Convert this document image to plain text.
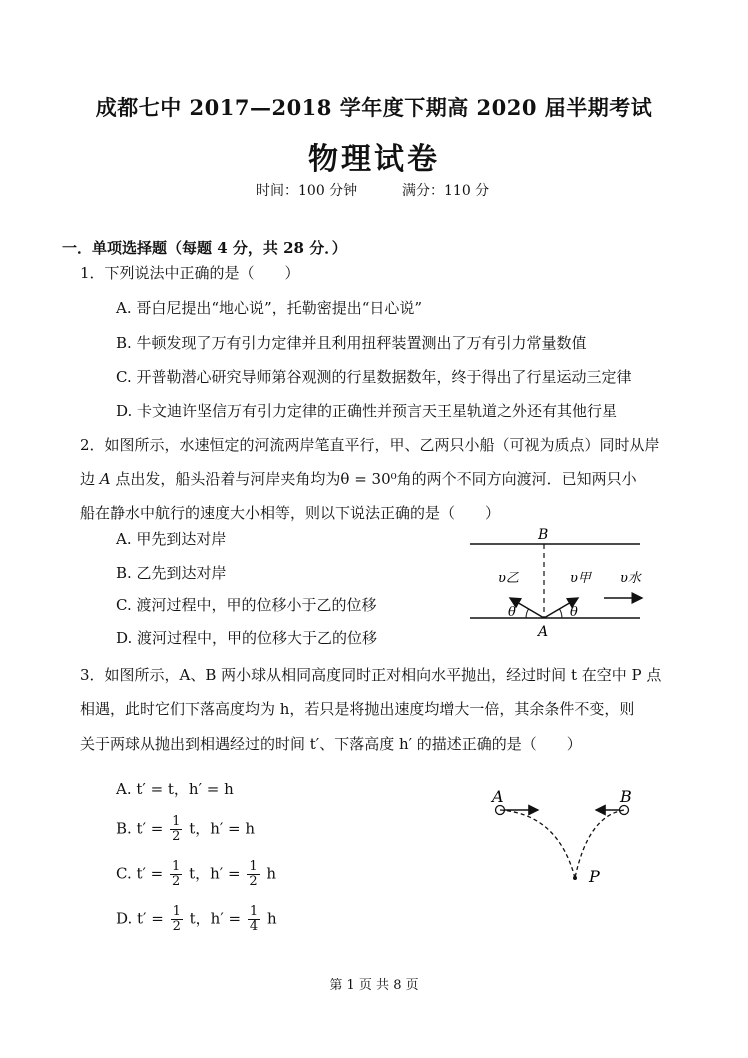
成都七中 2017—2018 学年度下期高 2020 届半期考试
物理试卷
时间：100 分钟	满分：110 分
一．单项选择题（每题 4 分，共 28 分．）
1．下列说法中正确的是（　　）
A. 哥白尼提出“地心说”，托勒密提出“日心说”
B. 牛顿发现了万有引力定律并且利用扭秤装置测出了万有引力常量数值
C. 开普勒潜心研究导师第谷观测的行星数据数年，终于得出了行星运动三定律
D. 卡文迪许坚信万有引力定律的正确性并预言天王星轨道之外还有其他行星
2．如图所示，水速恒定的河流两岸笔直平行，甲、乙两只小船（可视为质点）同时从岸
边 A 点出发，船头沿着与河岸夹角均为θ = 30⁰角的两个不同方向渡河．已知两只小
船在静水中航行的速度大小相等，则以下说法正确的是（　　）
A. 甲先到达对岸
B. 乙先到达对岸
C. 渡河过程中，甲的位移小于乙的位移
D. 渡河过程中，甲的位移大于乙的位移
B
A
υ乙	υ甲 υ水
θ	θ
3．如图所示，A、B 两小球从相同高度同时正对相向水平抛出，经过时间 t 在空中 P 点
相遇，此时它们下落高度均为 h，若只是将抛出速度均增大一倍，其余条件不变，则
关于两球从抛出到相遇经过的时间 t′、下落高度 h′ 的描述正确的是（　　）
A. t′ = t，h′ = h
B. $t' = \frac{1}{2}$ t，h′ = h
C. $t' = \frac{1}{2}$ t，$h' = \frac{1}{2}$ h
D. $t' = \frac{1}{2}$ t，$h' = \frac{1}{4}$ h
A	B
P
第 1 页 共 8 页
